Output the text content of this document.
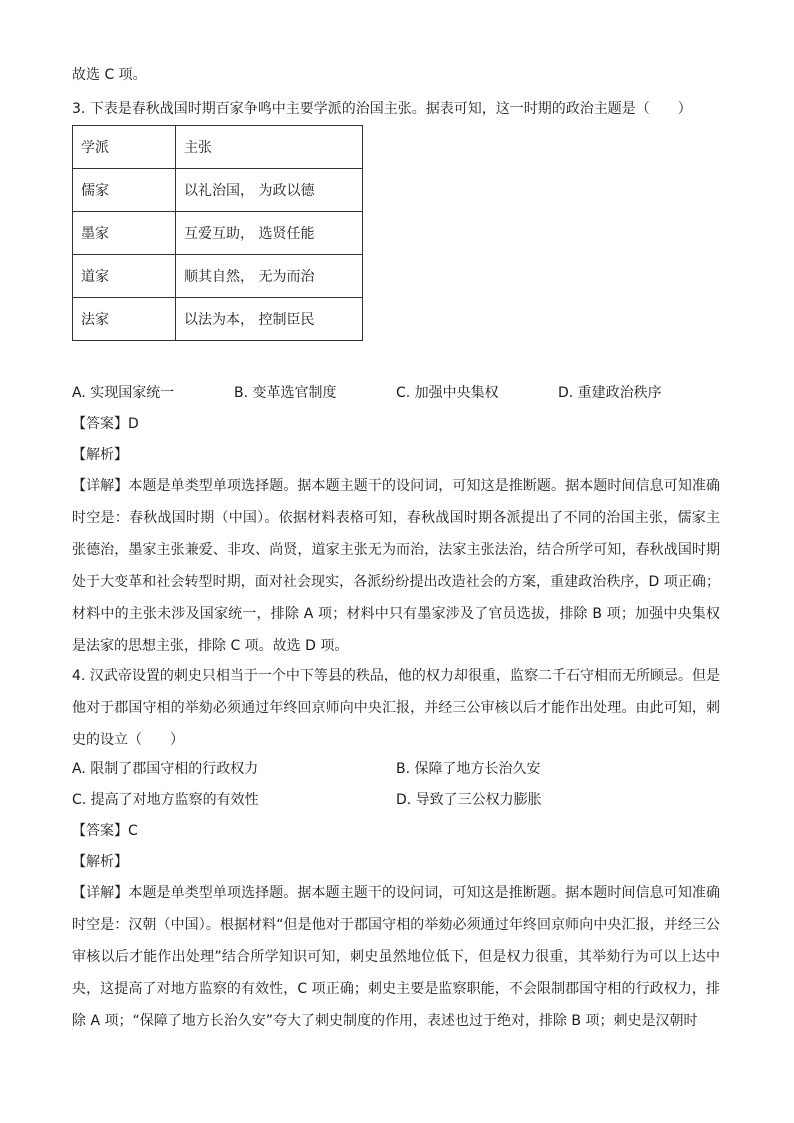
故选 C 项。
3. 下表是春秋战国时期百家争鸣中主要学派的治国主张。据表可知，这一时期的政治主题是（　　）
学派	主张
儒家	以礼治国， 为政以德
墨家	互爱互助， 选贤任能
道家	顺其自然， 无为而治
法家	以法为本， 控制臣民
A. 实现国家统一	B. 变革选官制度	C. 加强中央集权	D. 重建政治秩序
【答案】D
【解析】
【详解】本题是单类型单项选择题。据本题主题干的设问词，可知这是推断题。据本题时间信息可知准确时空是：春秋战国时期（中国）。依据材料表格可知，春秋战国时期各派提出了不同的治国主张，儒家主张德治，墨家主张兼爱、非攻、尚贤，道家主张无为而治，法家主张法治，结合所学可知，春秋战国时期处于大变革和社会转型时期，面对社会现实，各派纷纷提出改造社会的方案，重建政治秩序，D 项正确；材料中的主张未涉及国家统一，排除 A 项；材料中只有墨家涉及了官员选拔，排除 B 项；加强中央集权是法家的思想主张，排除 C 项。故选 D 项。
4. 汉武帝设置的刺史只相当于一个中下等县的秩品，他的权力却很重，监察二千石守相而无所顾忌。但是他对于郡国守相的举劾必须通过年终回京师向中央汇报，并经三公审核以后才能作出处理。由此可知，刺史的设立（　　）
A. 限制了郡国守相的行政权力	B. 保障了地方长治久安
C. 提高了对地方监察的有效性	D. 导致了三公权力膨胀
【答案】C
【解析】
【详解】本题是单类型单项选择题。据本题主题干的设问词，可知这是推断题。据本题时间信息可知准确时空是：汉朝（中国）。根据材料“但是他对于郡国守相的举劾必须通过年终回京师向中央汇报，并经三公审核以后才能作出处理”结合所学知识可知，刺史虽然地位低下，但是权力很重，其举劾行为可以上达中央，这提高了对地方监察的有效性，C 项正确；刺史主要是监察职能，不会限制郡国守相的行政权力，排除 A 项；“保障了地方长治久安”夸大了刺史制度的作用，表述也过于绝对，排除 B 项；刺史是汉朝时
